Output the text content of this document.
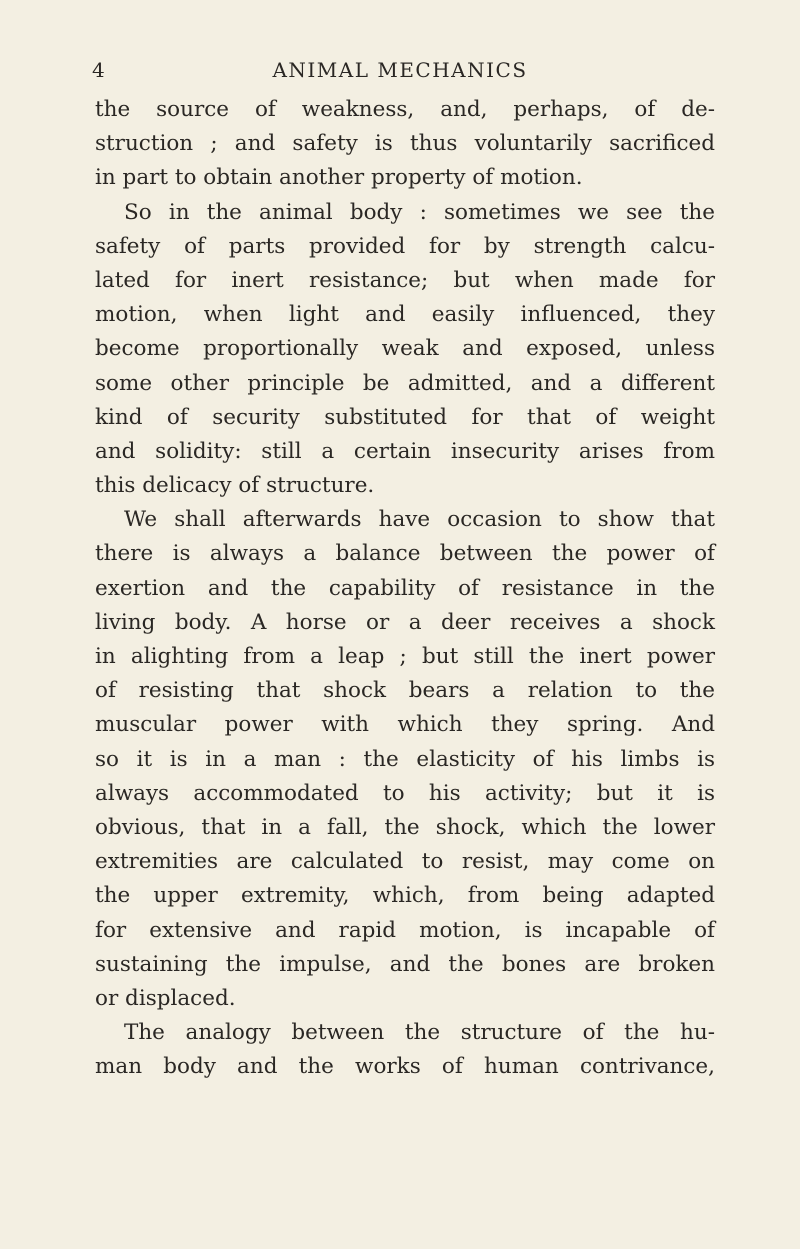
4	ANIMAL MECHANICS
the source of weakness, and, perhaps, of de-
struction ; and safety is thus voluntarily sacrificed
in part to obtain another property of motion.
So in the animal body : sometimes we see the
safety of parts provided for by strength calcu-
lated for inert resistance; but when made for
motion, when light and easily influenced, they
become proportionally weak and exposed, unless
some other principle be admitted, and a different
kind of security substituted for that of weight
and solidity: still a certain insecurity arises from
this delicacy of structure.
We shall afterwards have occasion to show that
there is always a balance between the power of
exertion and the capability of resistance in the
living body. A horse or a deer receives a shock
in alighting from a leap ; but still the inert power
of resisting that shock bears a relation to the
muscular power with which they spring. And
so it is in a man : the elasticity of his limbs is
always accommodated to his activity; but it is
obvious, that in a fall, the shock, which the lower
extremities are calculated to resist, may come on
the upper extremity, which, from being adapted
for extensive and rapid motion, is incapable of
sustaining the impulse, and the bones are broken
or displaced.
The analogy between the structure of the hu-
man body and the works of human contrivance,
